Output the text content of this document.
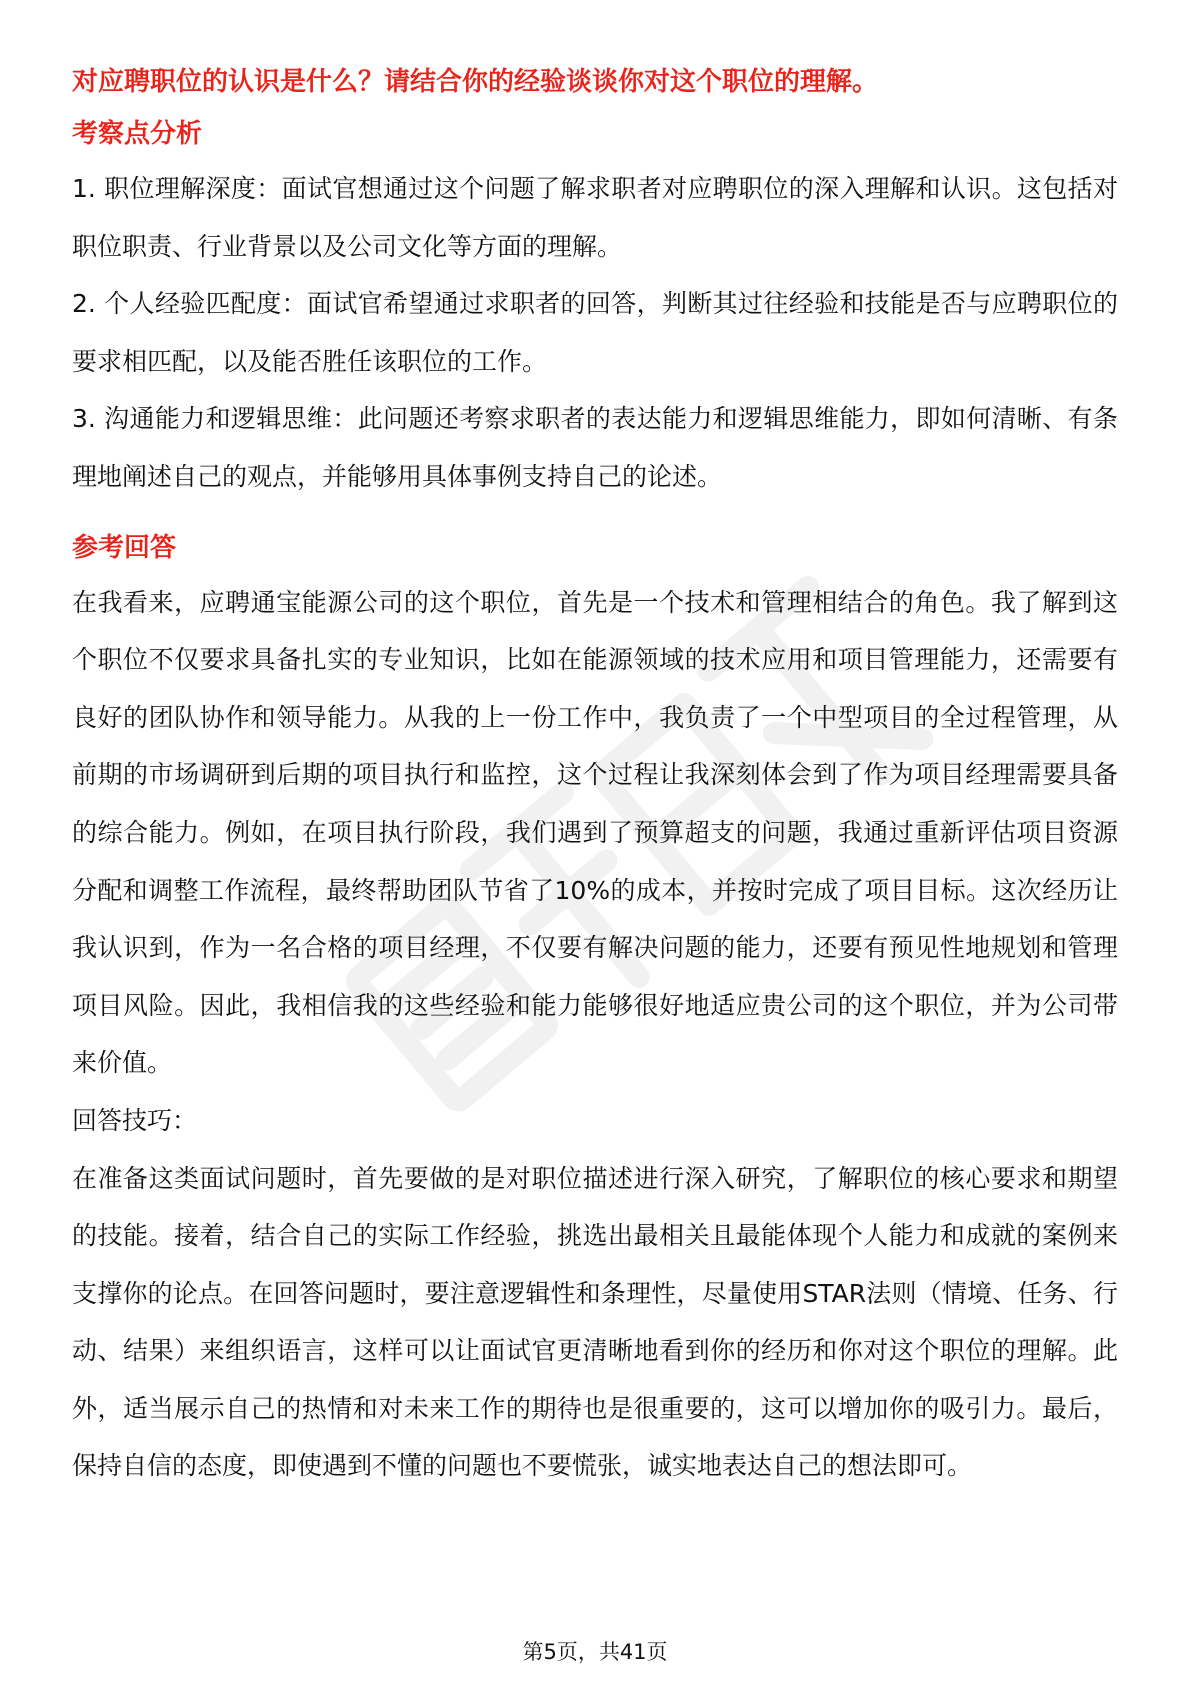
对应聘职位的认识是什么？请结合你的经验谈谈你对这个职位的理解。

考察点分析

1. 职位理解深度：面试官想通过这个问题了解求职者对应聘职位的深入理解和认识。这包括对职位职责、行业背景以及公司文化等方面的理解。

2. 个人经验匹配度：面试官希望通过求职者的回答，判断其过往经验和技能是否与应聘职位的要求相匹配，以及能否胜任该职位的工作。

3. 沟通能力和逻辑思维：此问题还考察求职者的表达能力和逻辑思维能力，即如何清晰、有条理地阐述自己的观点，并能够用具体事例支持自己的论述。

参考回答

在我看来，应聘通宝能源公司的这个职位，首先是一个技术和管理相结合的角色。我了解到这个职位不仅要求具备扎实的专业知识，比如在能源领域的技术应用和项目管理能力，还需要有良好的团队协作和领导能力。从我的上一份工作中，我负责了一个中型项目的全过程管理，从前期的市场调研到后期的项目执行和监控，这个过程让我深刻体会到了作为项目经理需要具备的综合能力。例如，在项目执行阶段，我们遇到了预算超支的问题，我通过重新评估项目资源分配和调整工作流程，最终帮助团队节省了10%的成本，并按时完成了项目目标。这次经历让我认识到，作为一名合格的项目经理，不仅要有解决问题的能力，还要有预见性地规划和管理项目风险。因此，我相信我的这些经验和能力能够很好地适应贵公司的这个职位，并为公司带来价值。

回答技巧：

在准备这类面试问题时，首先要做的是对职位描述进行深入研究，了解职位的核心要求和期望的技能。接着，结合自己的实际工作经验，挑选出最相关且最能体现个人能力和成就的案例来支撑你的论点。在回答问题时，要注意逻辑性和条理性，尽量使用STAR法则（情境、任务、行动、结果）来组织语言，这样可以让面试官更清晰地看到你的经历和你对这个职位的理解。此外，适当展示自己的热情和对未来工作的期待也是很重要的，这可以增加你的吸引力。最后，保持自信的态度，即使遇到不懂的问题也不要慌张，诚实地表达自己的想法即可。

第5页，共41页
